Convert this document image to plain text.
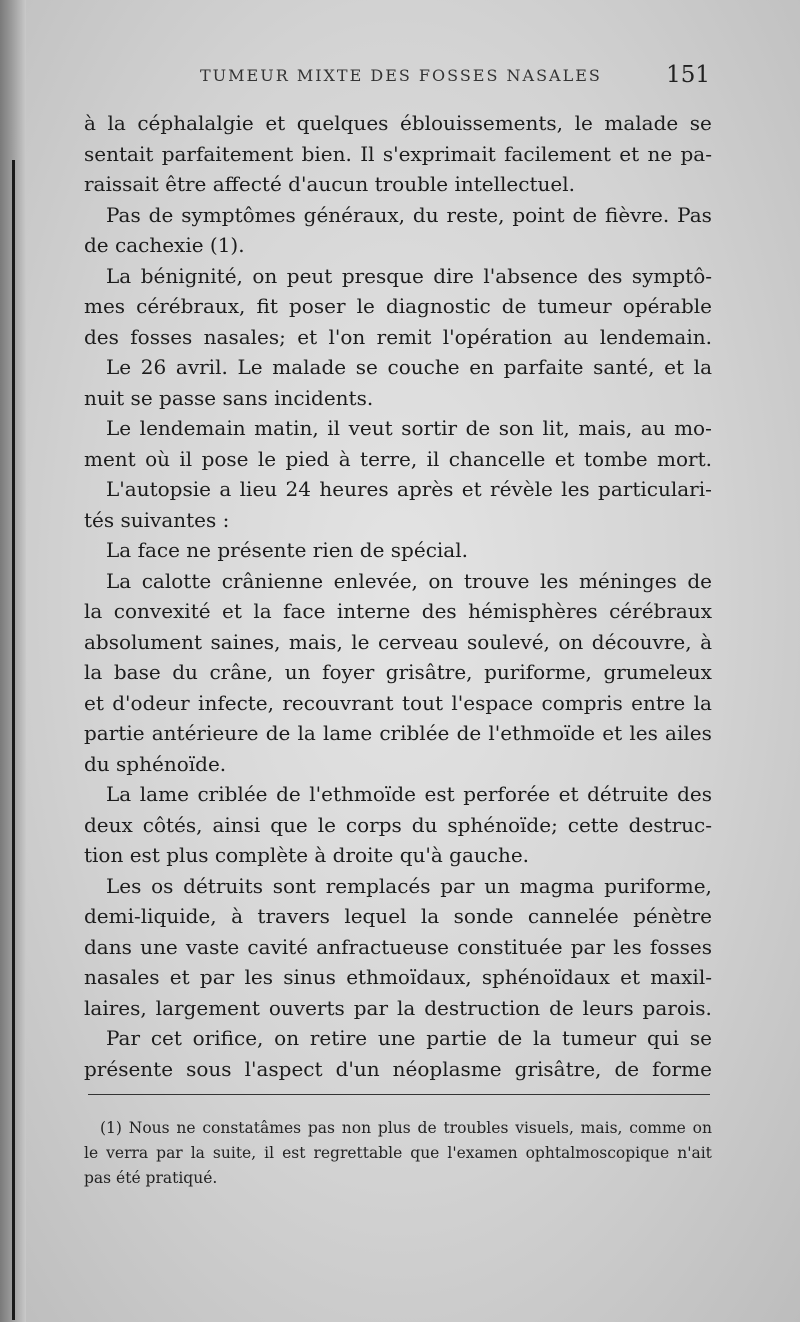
TUMEUR MIXTE DES FOSSES NASALES	151
à la céphalalgie et quelques éblouissements, le malade se
sentait parfaitement bien. Il s'exprimait facilement et ne pa-
raissait être affecté d'aucun trouble intellectuel.
Pas de symptômes généraux, du reste, point de fièvre. Pas
de cachexie (1).
La bénignité, on peut presque dire l'absence des symptô-
mes cérébraux, fit poser le diagnostic de tumeur opérable
des fosses nasales; et l'on remit l'opération au lendemain.
Le 26 avril. Le malade se couche en parfaite santé, et la
nuit se passe sans incidents.
Le lendemain matin, il veut sortir de son lit, mais, au mo-
ment où il pose le pied à terre, il chancelle et tombe mort.
L'autopsie a lieu 24 heures après et révèle les particulari-
tés suivantes :
La face ne présente rien de spécial.
La calotte crânienne enlevée, on trouve les méninges de
la convexité et la face interne des hémisphères cérébraux
absolument saines, mais, le cerveau soulevé, on découvre, à
la base du crâne, un foyer grisâtre, puriforme, grumeleux
et d'odeur infecte, recouvrant tout l'espace compris entre la
partie antérieure de la lame criblée de l'ethmoïde et les ailes
du sphénoïde.
La lame criblée de l'ethmoïde est perforée et détruite des
deux côtés, ainsi que le corps du sphénoïde; cette destruc-
tion est plus complète à droite qu'à gauche.
Les os détruits sont remplacés par un magma puriforme,
demi-liquide, à travers lequel la sonde cannelée pénètre
dans une vaste cavité anfractueuse constituée par les fosses
nasales et par les sinus ethmoïdaux, sphénoïdaux et maxil-
laires, largement ouverts par la destruction de leurs parois.
Par cet orifice, on retire une partie de la tumeur qui se
présente sous l'aspect d'un néoplasme grisâtre, de forme
(1) Nous ne constatâmes pas non plus de troubles visuels, mais, comme on
le verra par la suite, il est regrettable que l'examen ophtalmoscopique n'ait
pas été pratiqué.
